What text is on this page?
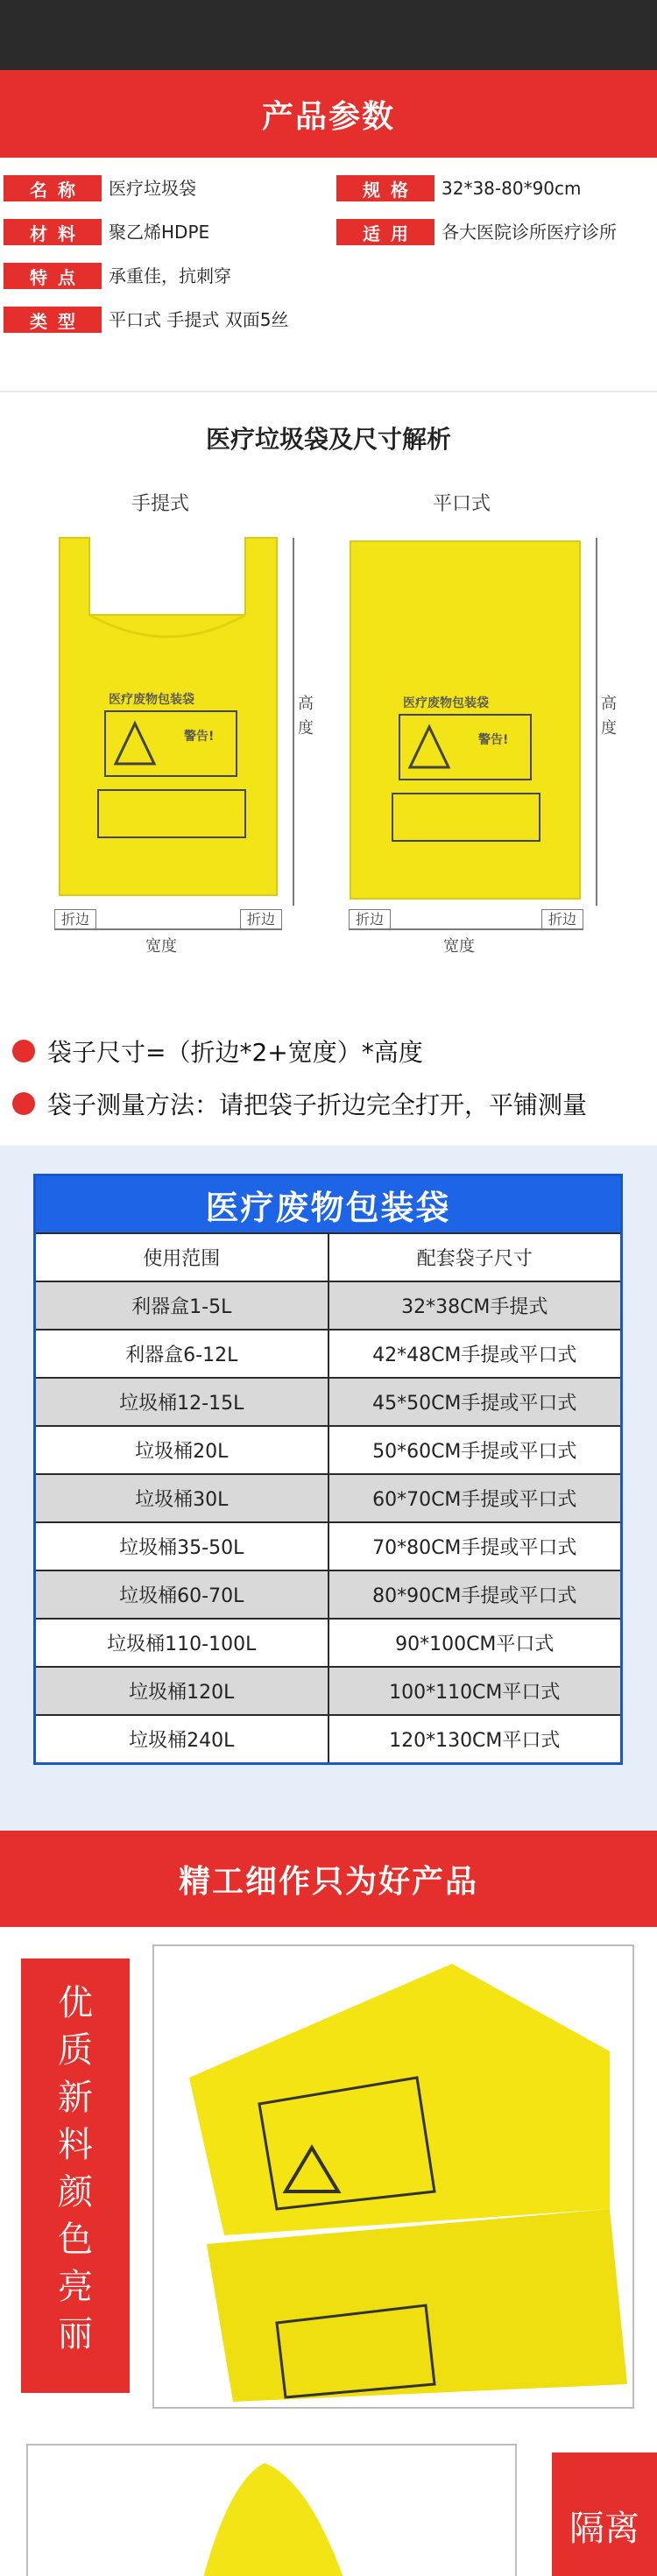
产品参数
名称	医疗垃圾袋	规格	32*38-80*90cm
材料	聚乙烯HDPE	适用	各大医院诊所医疗诊所
特点	承重佳，抗刺穿
类型	平口式 手提式 双面5丝
医疗垃圾袋及尺寸解析
手提式	平口式
医疗废物包装袋
警告!
医疗废物包装袋
警告!
高度
折边	折边
宽度
高度
折边	折边
宽度
袋子尺寸=（折边*2+宽度）*高度
袋子测量方法：请把袋子折边完全打开，平铺测量
医疗废物包装袋
使用范围	配套袋子尺寸
利器盒1-5L	32*38CM手提式
利器盒6-12L	42*48CM手提或平口式
垃圾桶12-15L	45*50CM手提或平口式
垃圾桶20L	50*60CM手提或平口式
垃圾桶30L	60*70CM手提或平口式
垃圾桶35-50L	70*80CM手提或平口式
垃圾桶60-70L	80*90CM手提或平口式
垃圾桶110-100L	90*100CM平口式
垃圾桶120L	100*110CM平口式
垃圾桶240L	120*130CM平口式
精工细作只为好产品
优质新料 颜色亮丽
隔离
